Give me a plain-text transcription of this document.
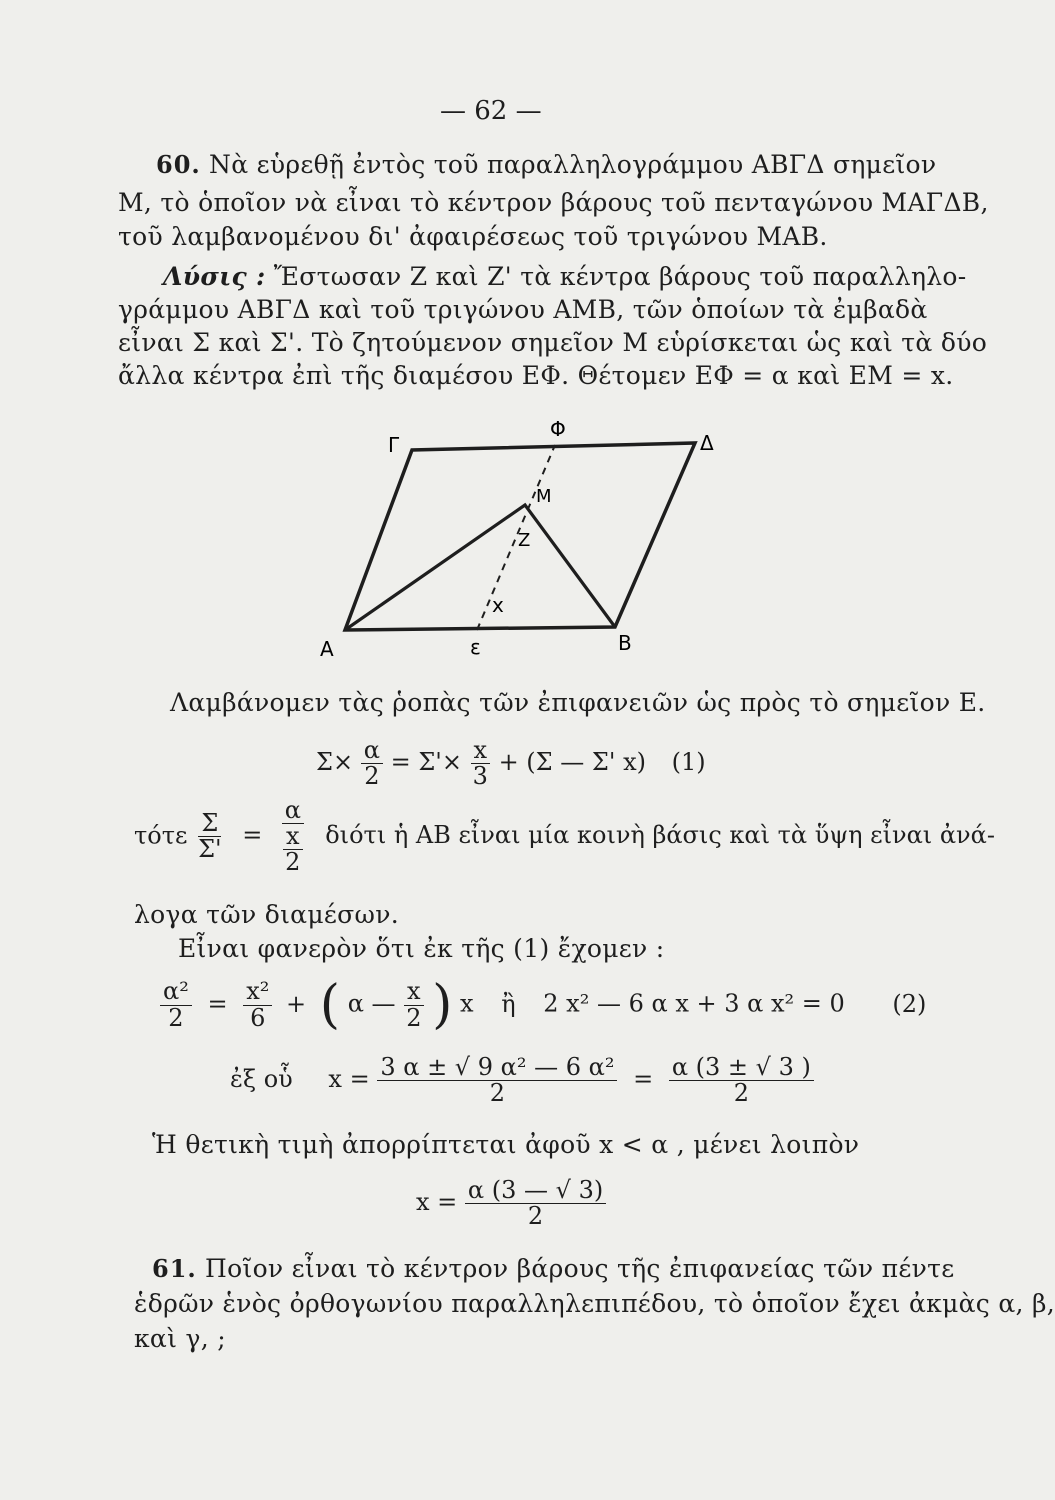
— 62 —
60. Νὰ εὑρεθῇ ἐντὸς τοῦ παραλληλογράμμου ΑΒΓΔ σημεῖον
Μ, τὸ ὁποῖον νὰ εἶναι τὸ κέντρον βάρους τοῦ πενταγώνου ΜΑΓΔΒ,
τοῦ λαμβανομένου δι' ἀφαιρέσεως τοῦ τριγώνου ΜΑΒ.
Λύσις : Ἔστωσαν Ζ καὶ Ζ' τὰ κέντρα βάρους τοῦ παραλληλο-
γράμμου ΑΒΓΔ καὶ τοῦ τριγώνου ΑΜΒ, τῶν ὁποίων τὰ ἐμβαδὰ
εἶναι Σ καὶ Σ'. Τὸ ζητούμενον σημεῖον Μ εὑρίσκεται ὡς καὶ τὰ δύο
ἄλλα κέντρα ἐπὶ τῆς διαμέσου ΕΦ. Θέτομεν ΕΦ = α καὶ ΕΜ = x.
Α	Β
Γ	Δ
ε
Φ
Μ
Ζ
x
Λαμβάνομεν τὰς ῥοπὰς τῶν ἐπιφανειῶν ὡς πρὸς τὸ σημεῖον Ε.
$\Sigma\times \frac{\alpha}{2} = \Sigma'\times \frac{x}{3} + (\Sigma$ — Σ' x) (1)
τότε $\frac{\Sigma}{\Sigma'} = \alpha$
x
2 διότι ἡ ΑΒ εἶναι μία κοινὴ βάσις καὶ τὰ ὕψη εἶναι ἀνά-
λογα τῶν διαμέσων.
Εἶναι φανερὸν ὅτι ἐκ τῆς (1) ἔχομεν :
$\frac{\text{α²}}{2} = \frac{\text{x²}}{6}$ + ( α — $\frac{x}{2}$ ) x ἢ 2 x² — 6 α x + 3 α x² = 0 (2)
ἐξ οὗ $x = \frac{\text{3 α ± √ 9 α² — 6 α²}}{2} = \frac{\alpha (3 \pm √ 3 )}{2}$
Ἡ θετικὴ τιμὴ ἀπορρίπτεται ἀφοῦ x < α , μένει λοιπὸν
$x = \frac{\alpha (3 — √ 3)}{2}$
61. Ποῖον εἶναι τὸ κέντρον βάρους τῆς ἐπιφανείας τῶν πέντε
ἑδρῶν ἑνὸς ὀρθογωνίου παραλληλεπιπέδου, τὸ ὁποῖον ἔχει ἀκμὰς α, β,
καὶ γ, ;
